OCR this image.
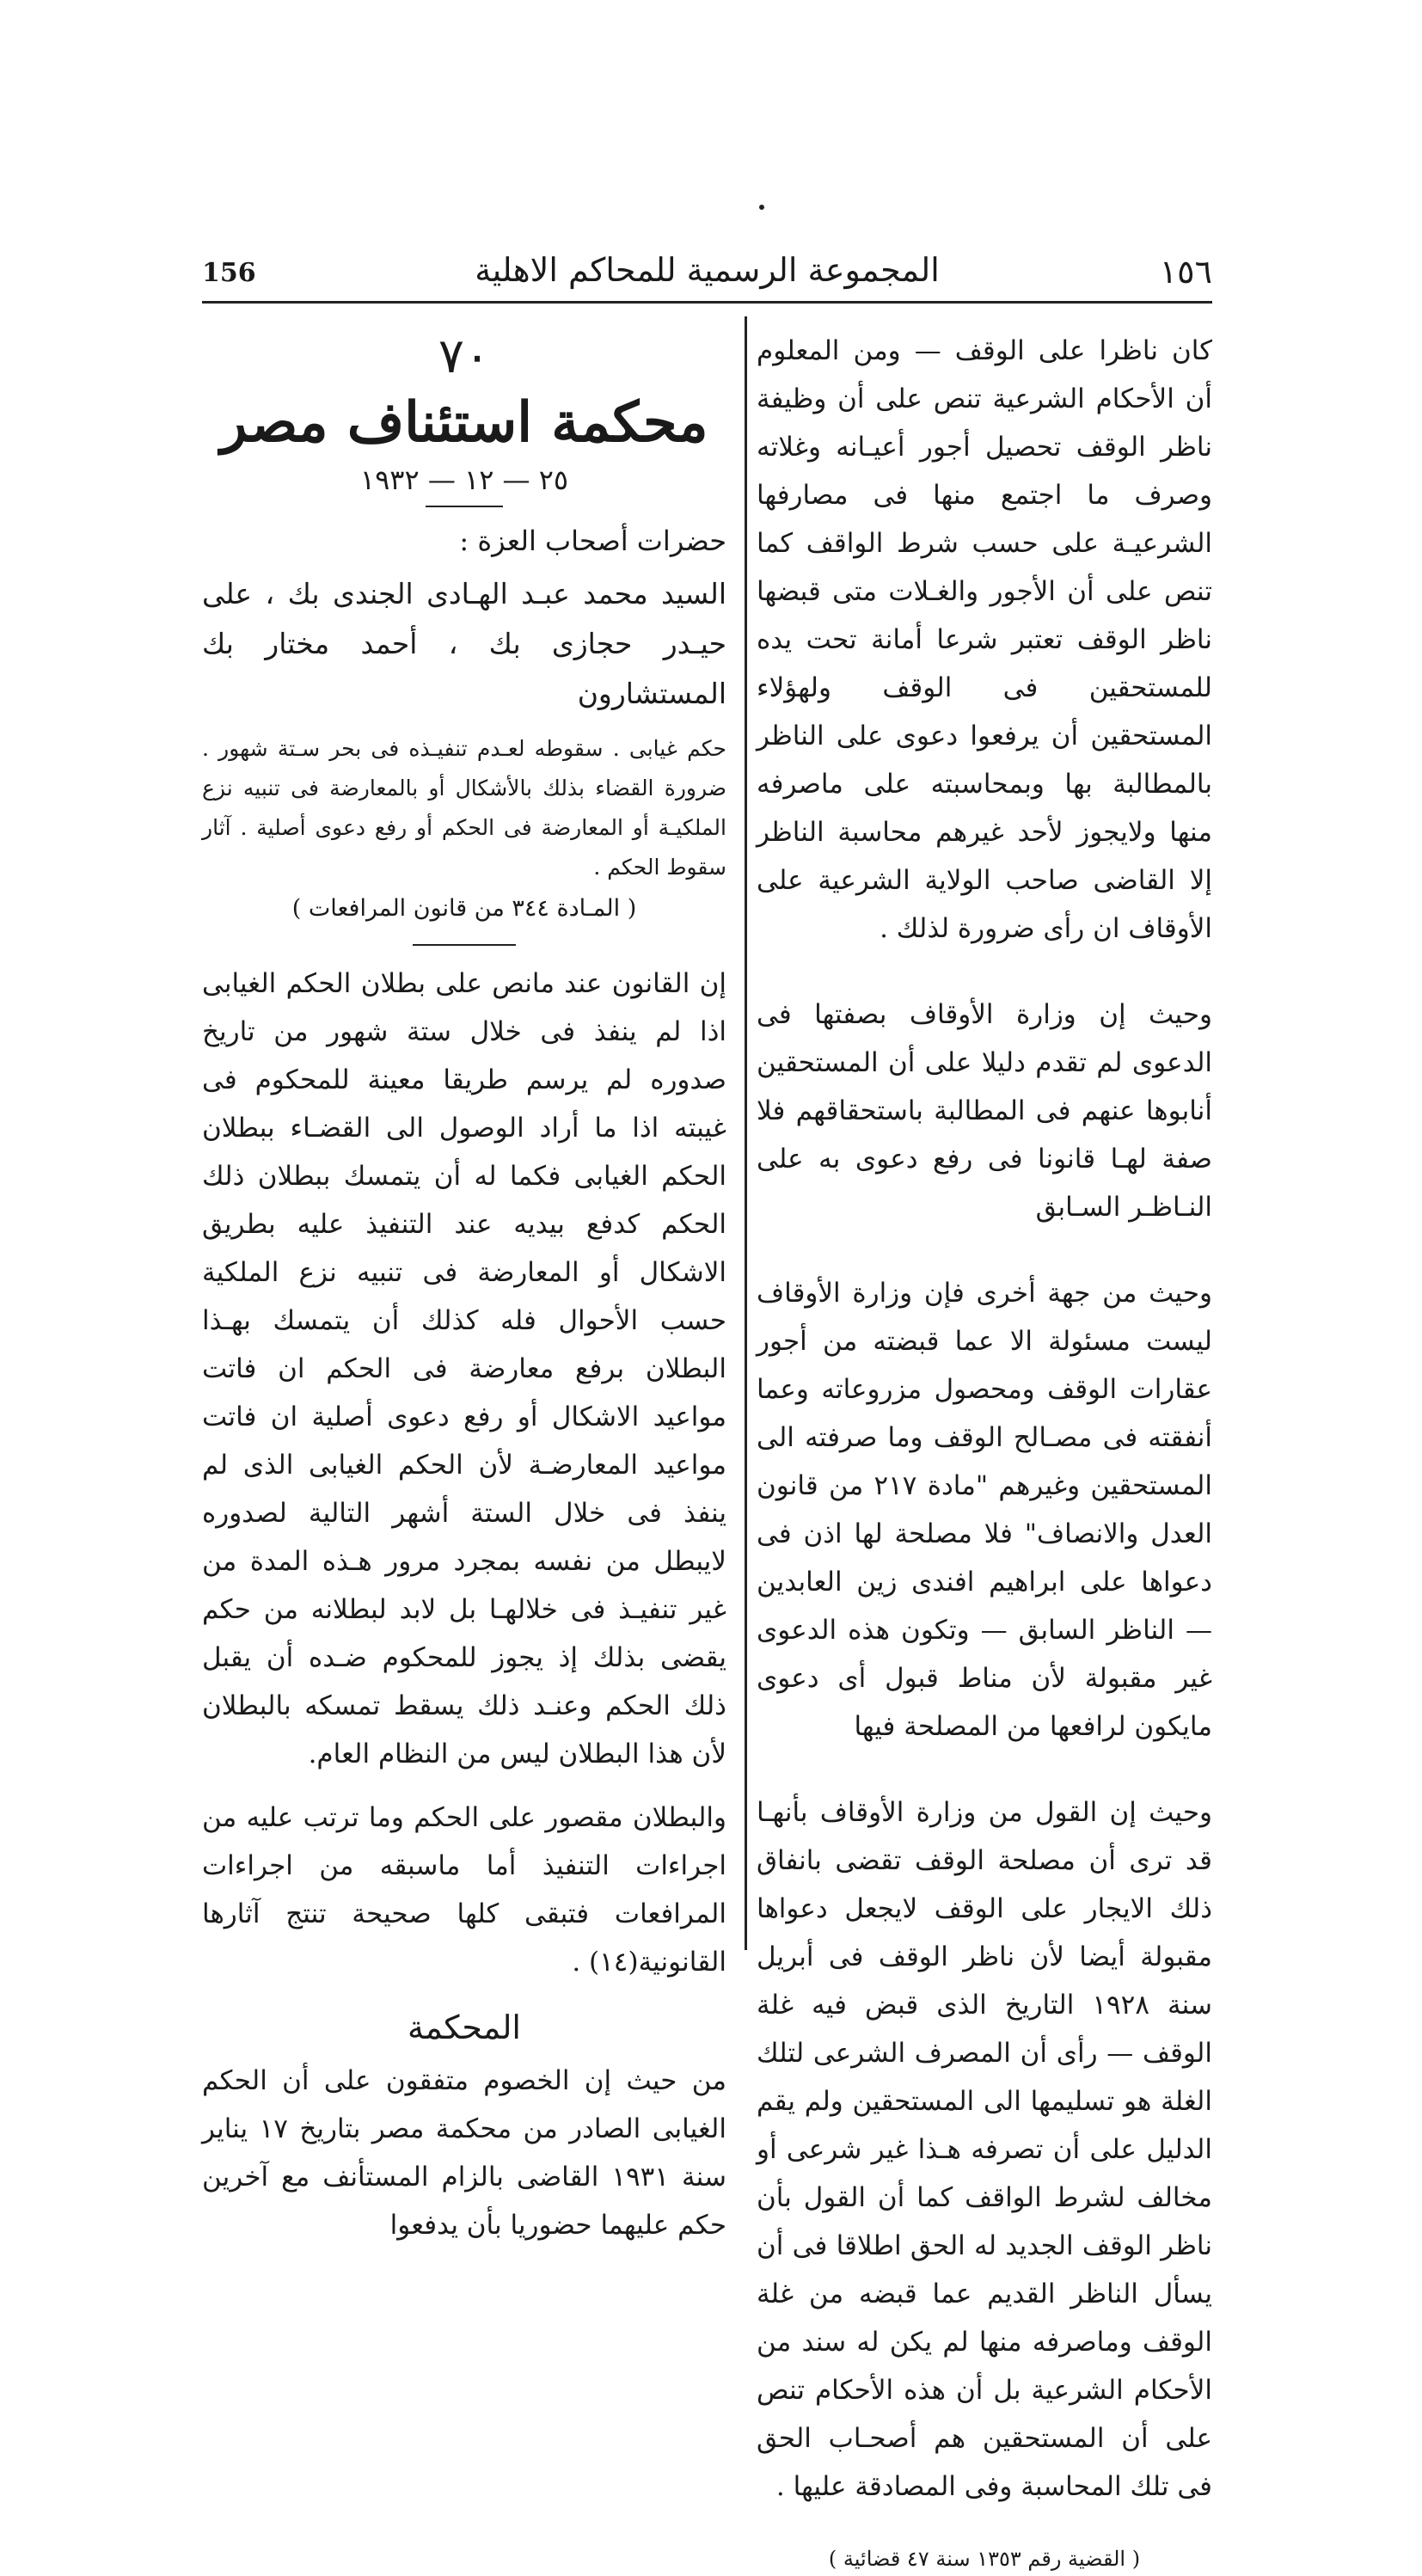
156	المجموعة الرسمية للمحاكم الاهلية	١٥٦

كان ناظرا على الوقف — ومن المعلوم أن الأحكام الشرعية تنص على أن وظيفة ناظر الوقف تحصيل أجور أعيـانه وغلاته وصرف ما اجتمع منها فى مصارفها الشرعيـة على حسب شرط الواقف كما تنص على أن الأجور والغـلات متى قبضها ناظر الوقف تعتبر شرعا أمانة تحت يده للمستحقين فى الوقف ولهؤلاء المستحقين أن يرفعوا دعوى على الناظر بالمطالبة بها وبمحاسبته على ماصرفه منها ولايجوز لأحد غيرهم محاسبة الناظر إلا القاضى صاحب الولاية الشرعية على الأوقاف ان رأى ضرورة لذلك .

وحيث إن وزارة الأوقاف بصفتها فى الدعوى لم تقدم دليلا على أن المستحقين أنابوها عنهم فى المطالبة باستحقاقهم فلا صفة لهـا قانونا فى رفع دعوى به على النـاظـر السـابق

وحيث من جهة أخرى فإن وزارة الأوقاف ليست مسئولة الا عما قبضته من أجور عقارات الوقف ومحصول مزروعاته وعما أنفقته فى مصـالح الوقف وما صرفته الى المستحقين وغيرهم "مادة ٢١٧ من قانون العدل والانصاف" فلا مصلحة لها اذن فى دعواها على ابراهيم افندى زين العابدين — الناظر السابق — وتكون هذه الدعوى غير مقبولة لأن مناط قبول أى دعوى مايكون لرافعها من المصلحة فيها

وحيث إن القول من وزارة الأوقاف بأنهـا قد ترى أن مصلحة الوقف تقضى بانفاق ذلك الايجار على الوقف لايجعل دعواها مقبولة أيضا لأن ناظر الوقف فى أبريل سنة ١٩٢٨ التاريخ الذى قبض فيه غلة الوقف — رأى أن المصرف الشرعى لتلك الغلة هو تسليمها الى المستحقين ولم يقم الدليل على أن تصرفه هـذا غير شرعى أو مخالف لشرط الواقف كما أن القول بأن ناظر الوقف الجديد له الحق اطلاقا فى أن يسأل الناظر القديم عما قبضه من غلة الوقف وماصرفه منها لم يكن له سند من الأحكام الشرعية بل أن هذه الأحكام تنص على أن المستحقين هم أصحـاب الحق فى تلك المحاسبة وفى المصادقة عليها .

( القضية رقم ١٣٥٣ سنة ٤٧ قضائية )
٧٠
محكمة استئناف مصر
٢٥ — ١٢ — ١٩٣٢
حضرات أصحاب العزة :
السيد محمد عبـد الهـادى الجندى بك ، على حيـدر حجازى بك ، أحمد مختار بك المستشارون
حكم غيابى . سقوطه لعـدم تنفيـذه فى بحر سـتة شهور . ضرورة القضاء بذلك بالأشكال أو بالمعارضة فى تنبيه نزع الملكيـة أو المعارضة فى الحكم أو رفع دعوى أصلية . آثار سقوط الحكم .
( المـادة ٣٤٤ من قانون المرافعات )

إن القانون عند مانص على بطلان الحكم الغيابى اذا لم ينفذ فى خلال ستة شهور من تاريخ صدوره لم يرسم طريقا معينة للمحكوم فى غيبته اذا ما أراد الوصول الى القضـاء ببطلان الحكم الغيابى فكما له أن يتمسك ببطلان ذلك الحكم كدفع بيديه عند التنفيذ عليه بطريق الاشكال أو المعارضة فى تنبيه نزع الملكية حسب الأحوال فله كذلك أن يتمسك بهـذا البطلان برفع معارضة فى الحكم ان فاتت مواعيد الاشكال أو رفع دعوى أصلية ان فاتت مواعيد المعارضـة لأن الحكم الغيابى الذى لم ينفذ فى خلال الستة أشهر التالية لصدوره لايبطل من نفسه بمجرد مرور هـذه المدة من غير تنفيـذ فى خلالهـا بل لابد لبطلانه من حكم يقضى بذلك إذ يجوز للمحكوم ضـده أن يقبل ذلك الحكم وعنـد ذلك يسقط تمسكه بالبطلان لأن هذا البطلان ليس من النظام العام.

والبطلان مقصور على الحكم وما ترتب عليه من اجراءات التنفيذ أما ماسبقه من اجراءات المرافعات فتبقى كلها صحيحة تنتج آثارها القانونية(١٤) .

المحكمة

من حيث إن الخصوم متفقون على أن الحكم الغيابى الصادر من محكمة مصر بتاريخ ١٧ يناير سنة ١٩٣١ القاضى بالزام المستأنف مع آخرين حكم عليهما حضوريا بأن يدفعوا
